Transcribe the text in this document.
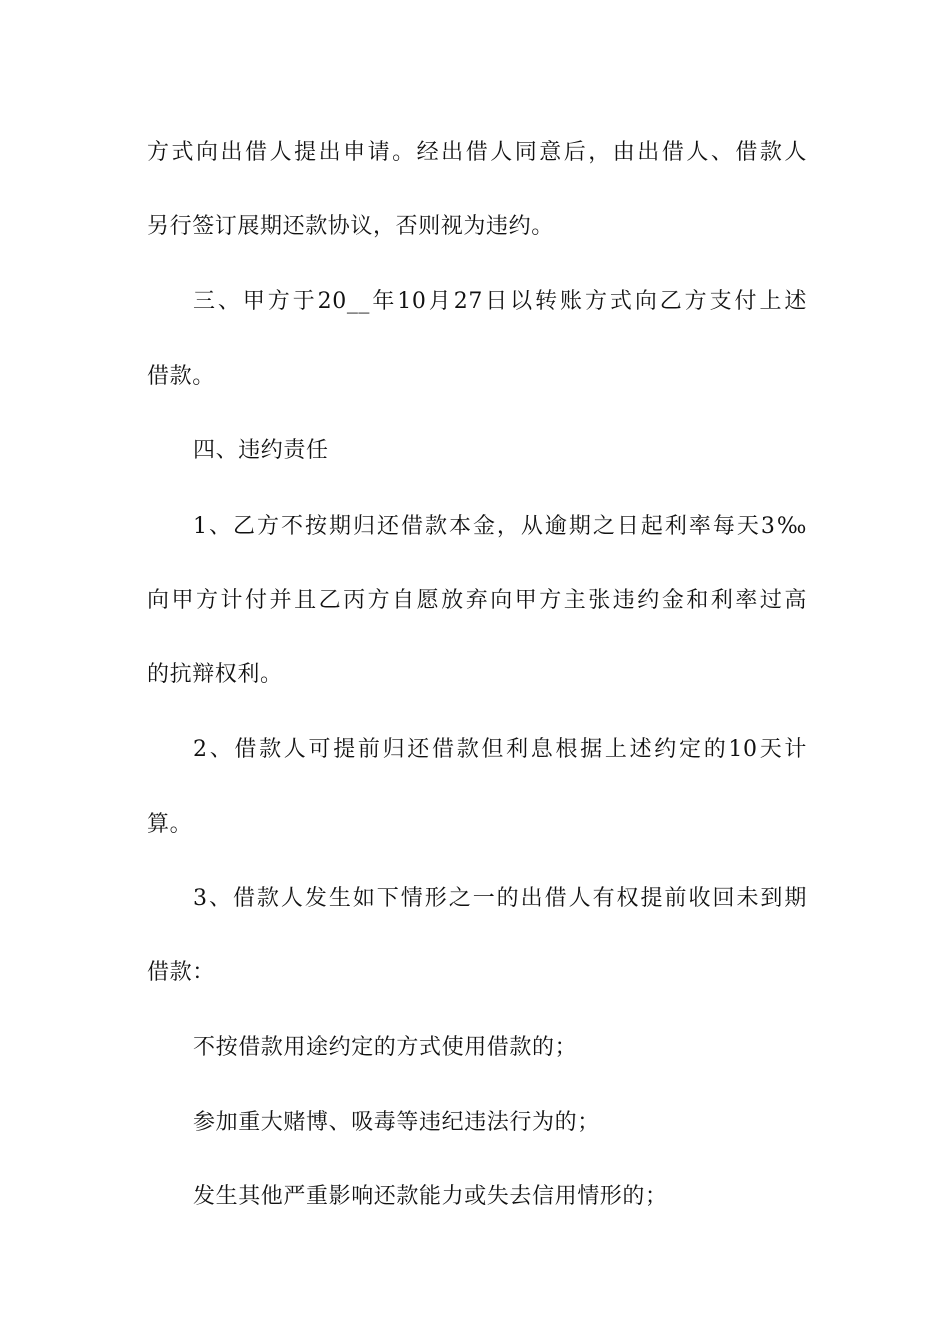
方式向出借人提出申请。经出借人同意后，由出借人、借款人
另行签订展期还款协议，否则视为违约。
三、甲方于20__年10月27日以转账方式向乙方支付上述
借款。
四、违约责任
1、乙方不按期归还借款本金，从逾期之日起利率每天3‰
向甲方计付并且乙丙方自愿放弃向甲方主张违约金和利率过高
的抗辩权利。
2、借款人可提前归还借款但利息根据上述约定的10天计
算。
3、借款人发生如下情形之一的出借人有权提前收回未到期
借款：
不按借款用途约定的方式使用借款的；
参加重大赌博、吸毒等违纪违法行为的；
发生其他严重影响还款能力或失去信用情形的；
